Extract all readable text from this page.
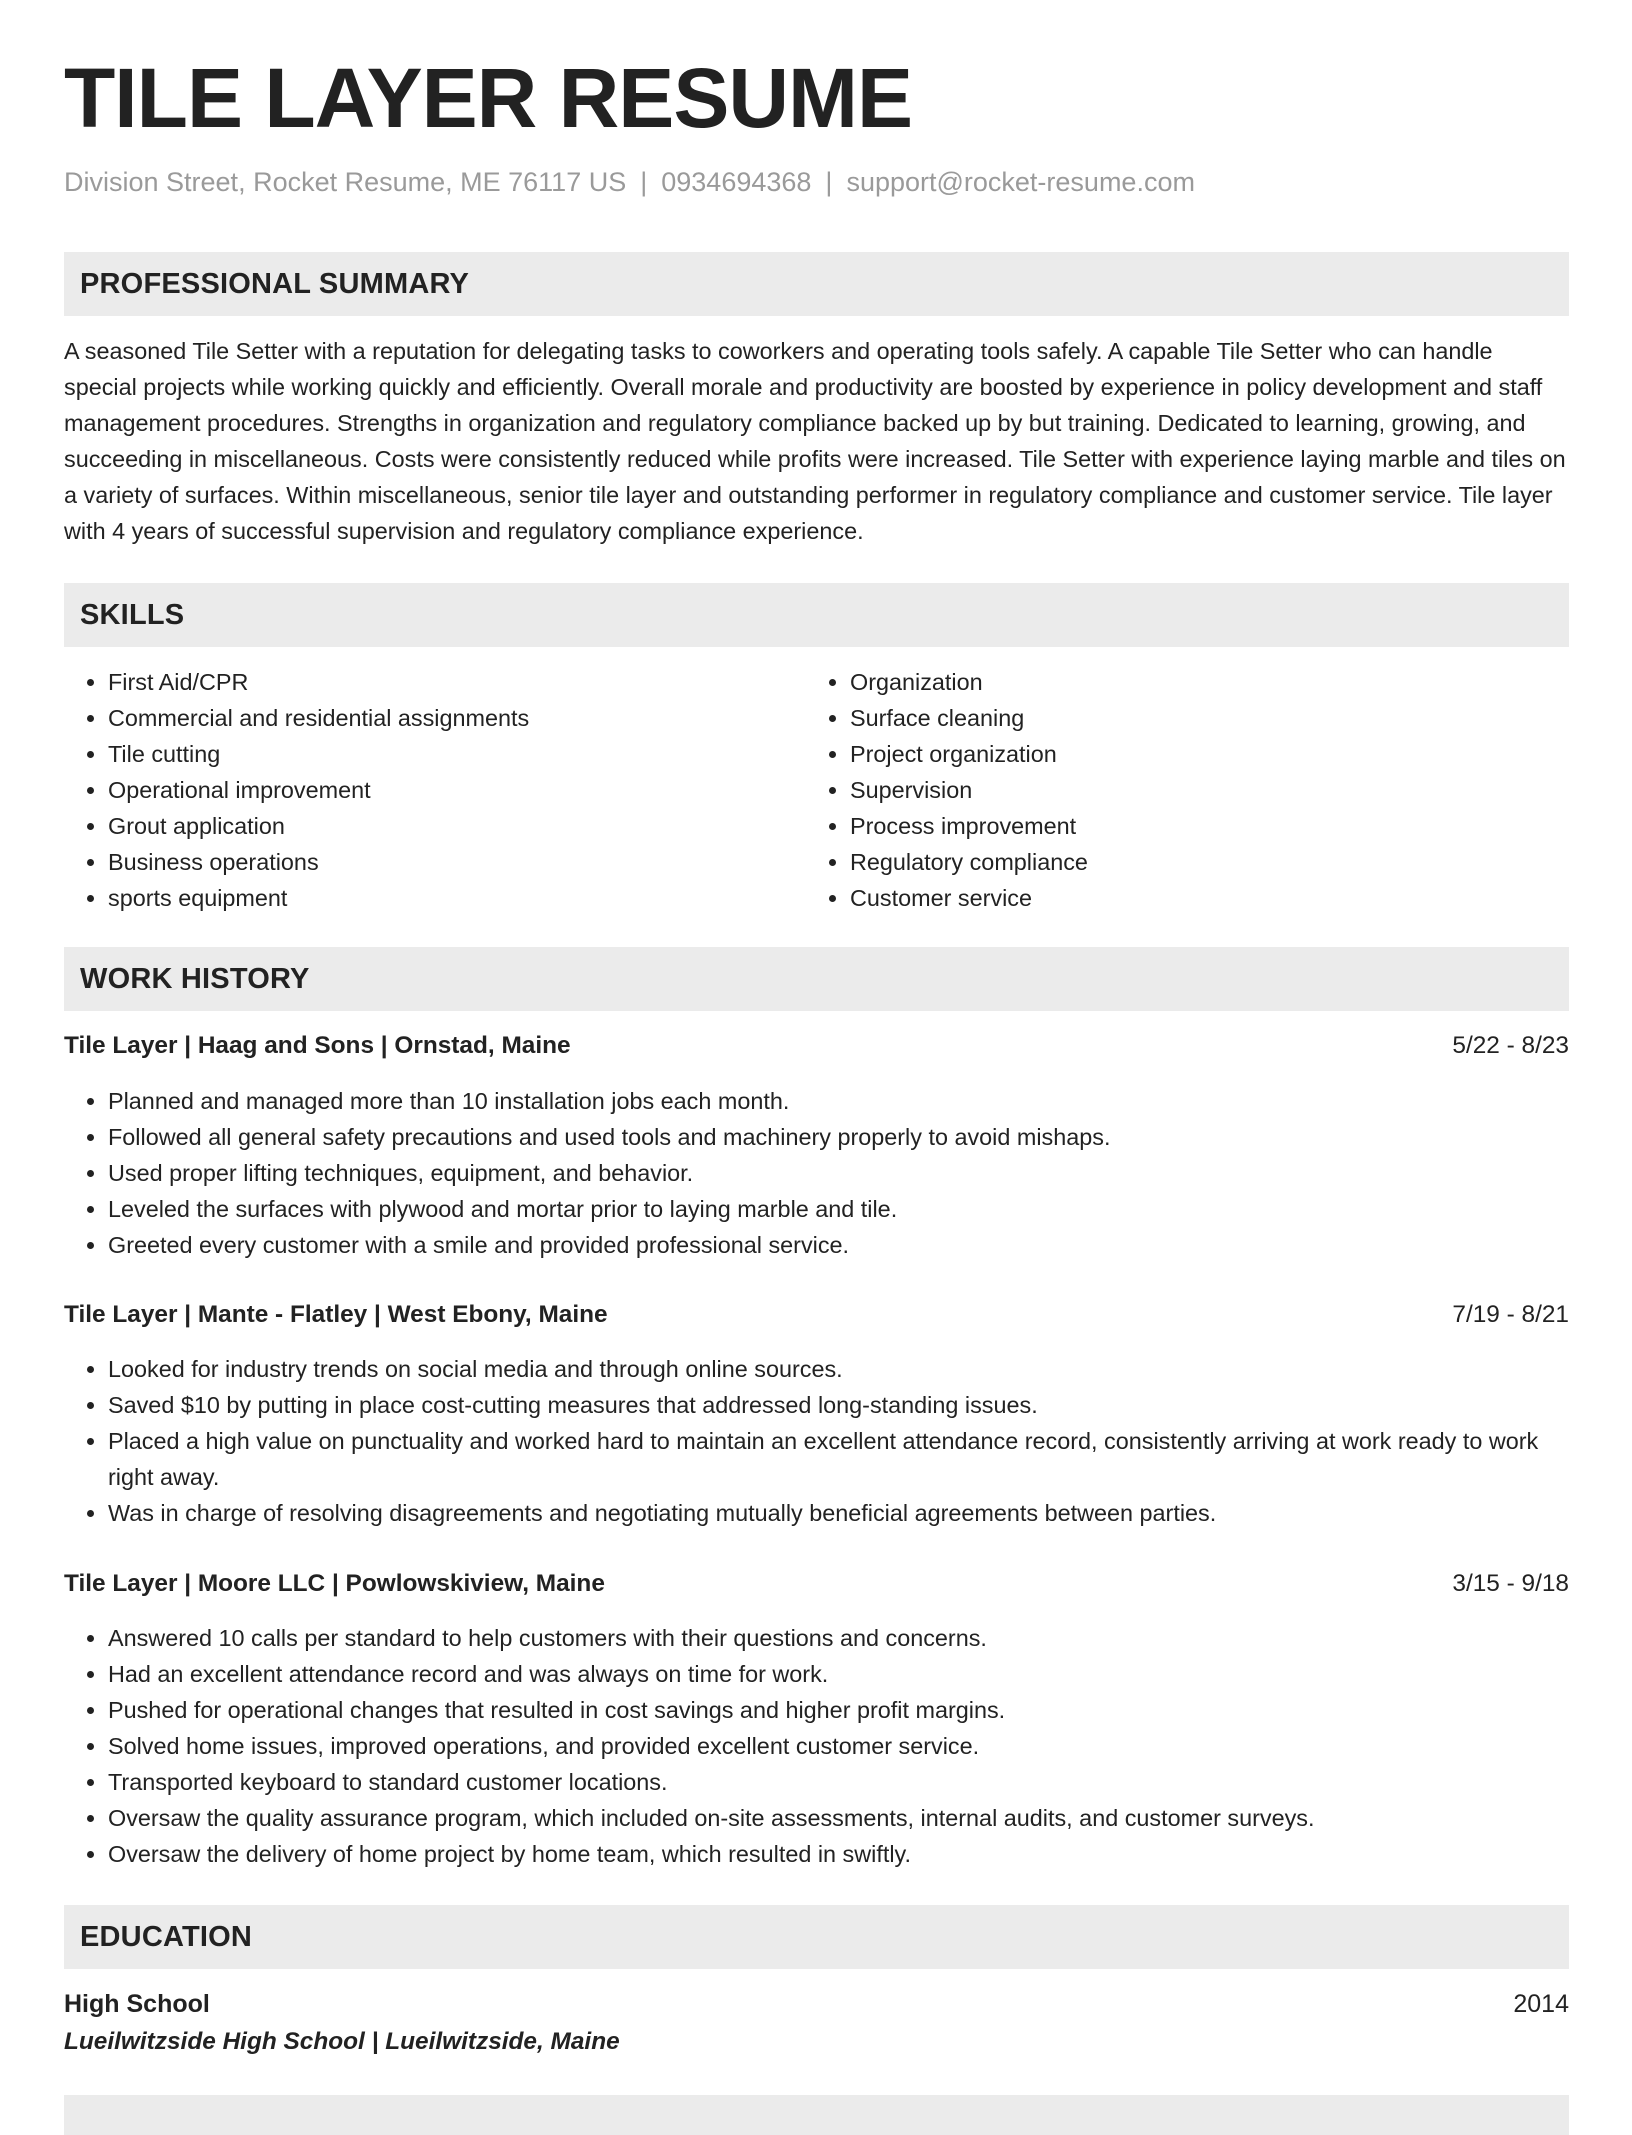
TILE LAYER RESUME
Division Street, Rocket Resume, ME 76117 US | 0934694368 | support@rocket-resume.com
PROFESSIONAL SUMMARY

A seasoned Tile Setter with a reputation for delegating tasks to coworkers and operating tools safely. A capable Tile Setter who can handle special projects while working quickly and efficiently. Overall morale and productivity are boosted by experience in policy development and staff management procedures. Strengths in organization and regulatory compliance backed up by but training. Dedicated to learning, growing, and succeeding in miscellaneous. Costs were consistently reduced while profits were increased. Tile Setter with experience laying marble and tiles on a variety of surfaces. Within miscellaneous, senior tile layer and outstanding performer in regulatory compliance and customer service. Tile layer with 4 years of successful supervision and regulatory compliance experience.

SKILLS
• First Aid/CPR
• Commercial and residential assignments
• Tile cutting
• Operational improvement
• Grout application
• Business operations
• sports equipment
• Organization
• Surface cleaning
• Project organization
• Supervision
• Process improvement
• Regulatory compliance
• Customer service
WORK HISTORY
Tile Layer | Haag and Sons | Ornstad, Maine	5/22 - 8/23
• Planned and managed more than 10 installation jobs each month.
• Followed all general safety precautions and used tools and machinery properly to avoid mishaps.
• Used proper lifting techniques, equipment, and behavior.
• Leveled the surfaces with plywood and mortar prior to laying marble and tile.
• Greeted every customer with a smile and provided professional service.
Tile Layer | Mante - Flatley | West Ebony, Maine	7/19 - 8/21
• Looked for industry trends on social media and through online sources.
• Saved $10 by putting in place cost-cutting measures that addressed long-standing issues.
• Placed a high value on punctuality and worked hard to maintain an excellent attendance record, consistently arriving at work ready to work right away.
• Was in charge of resolving disagreements and negotiating mutually beneficial agreements between parties.
Tile Layer | Moore LLC | Powlowskiview, Maine	3/15 - 9/18
• Answered 10 calls per standard to help customers with their questions and concerns.
• Had an excellent attendance record and was always on time for work.
• Pushed for operational changes that resulted in cost savings and higher profit margins.
• Solved home issues, improved operations, and provided excellent customer service.
• Transported keyboard to standard customer locations.
• Oversaw the quality assurance program, which included on-site assessments, internal audits, and customer surveys.
• Oversaw the delivery of home project by home team, which resulted in swiftly.
EDUCATION
High School	2014
Lueilwitzside High School | Lueilwitzside, Maine
